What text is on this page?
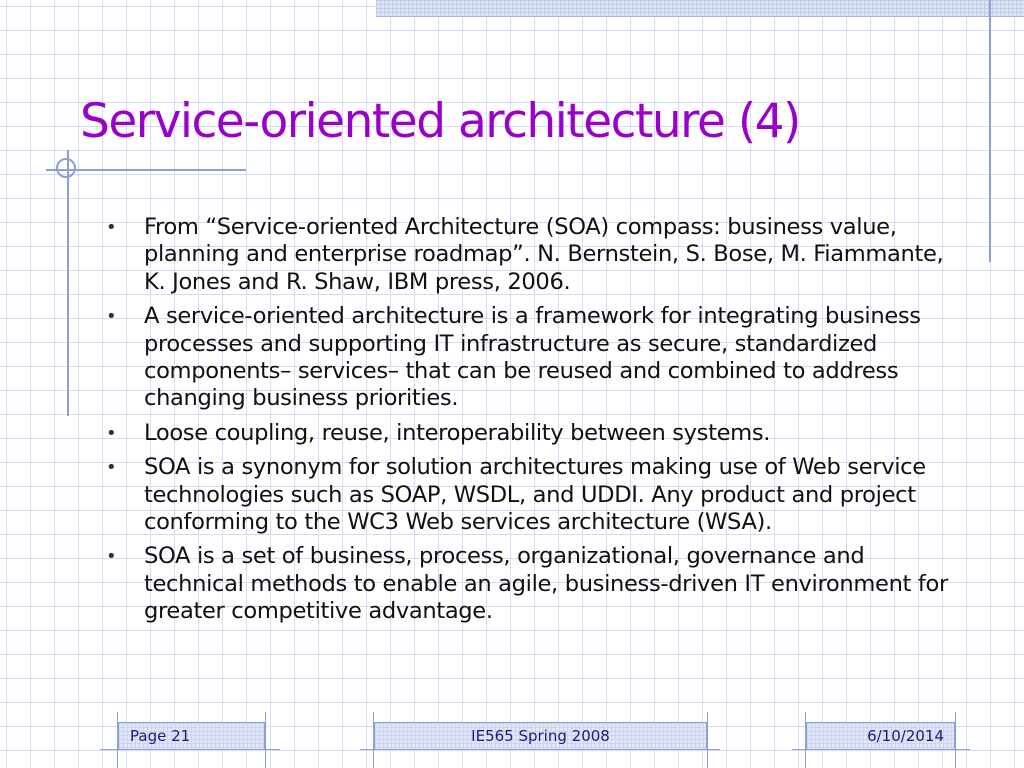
Service-oriented architecture (4)
• From “Service-oriented Architecture (SOA) compass: business value, planning and enterprise roadmap”. N. Bernstein, S. Bose, M. Fiammante, K. Jones and R. Shaw, IBM press, 2006.
• A service-oriented architecture is a framework for integrating business processes and supporting IT infrastructure as secure, standardized components– services– that can be reused and combined to address changing business priorities.
• Loose coupling, reuse, interoperability between systems.
• SOA is a synonym for solution architectures making use of Web service technologies such as SOAP, WSDL, and UDDI. Any product and project conforming to the WC3 Web services architecture (WSA).
• SOA is a set of business, process, organizational, governance and technical methods to enable an agile, business-driven IT environment for greater competitive advantage.
Page 21	IE565 Spring 2008	6/10/2014
